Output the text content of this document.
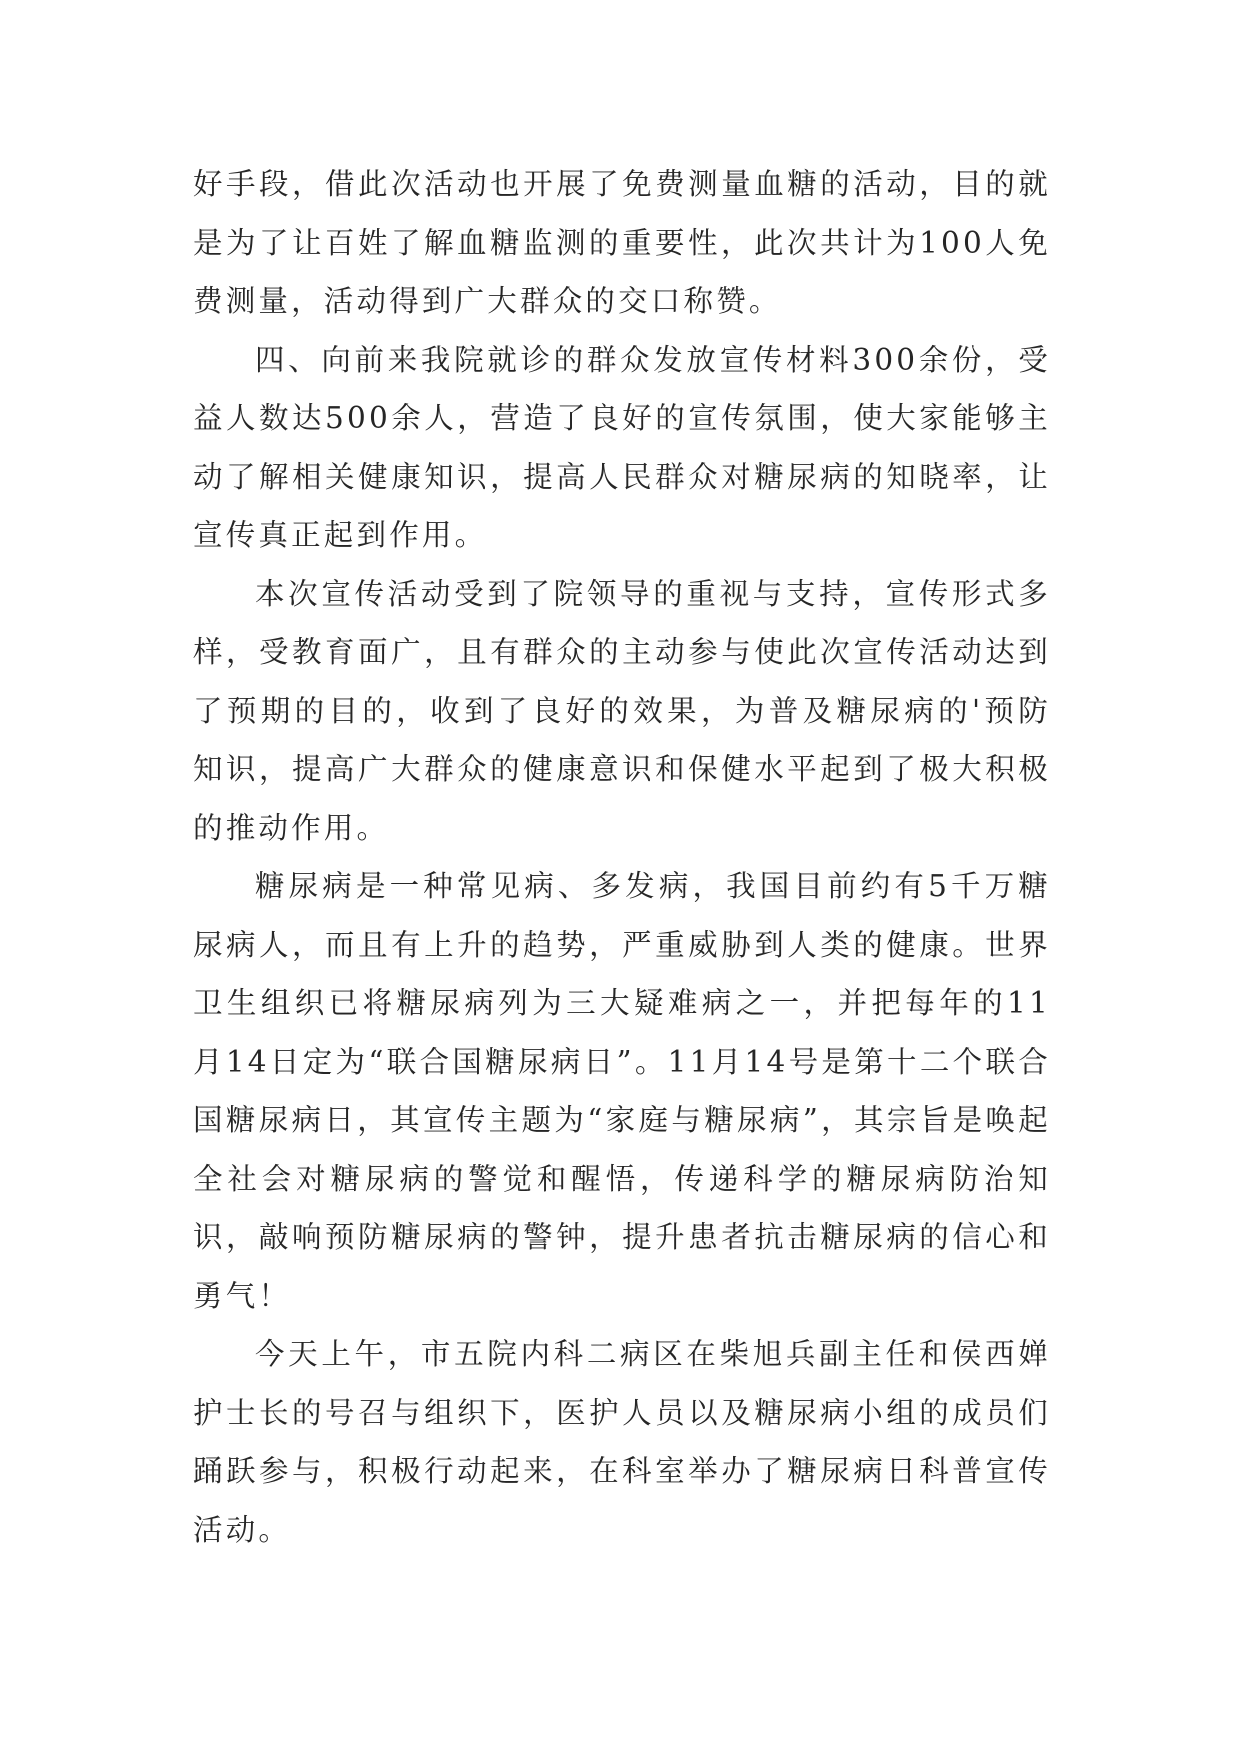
好手段，借此次活动也开展了免费测量血糖的活动，目的就是为了让百姓了解血糖监测的重要性，此次共计为100人免费测量，活动得到广大群众的交口称赞。

四、向前来我院就诊的群众发放宣传材料300余份，受益人数达500余人，营造了良好的宣传氛围，使大家能够主动了解相关健康知识，提高人民群众对糖尿病的知晓率，让宣传真正起到作用。

本次宣传活动受到了院领导的重视与支持，宣传形式多样，受教育面广，且有群众的主动参与使此次宣传活动达到了预期的目的，收到了良好的效果，为普及糖尿病的'预防知识，提高广大群众的健康意识和保健水平起到了极大积极的推动作用。

糖尿病是一种常见病、多发病，我国目前约有5千万糖尿病人，而且有上升的趋势，严重威胁到人类的健康。世界卫生组织已将糖尿病列为三大疑难病之一，并把每年的11月14日定为“联合国糖尿病日”。11月14号是第十二个联合国糖尿病日，其宣传主题为“家庭与糖尿病”，其宗旨是唤起全社会对糖尿病的警觉和醒悟，传递科学的糖尿病防治知识，敲响预防糖尿病的警钟，提升患者抗击糖尿病的信心和勇气！

今天上午，市五院内科二病区在柴旭兵副主任和侯西婵护士长的号召与组织下，医护人员以及糖尿病小组的成员们踊跃参与，积极行动起来，在科室举办了糖尿病日科普宣传活动。
